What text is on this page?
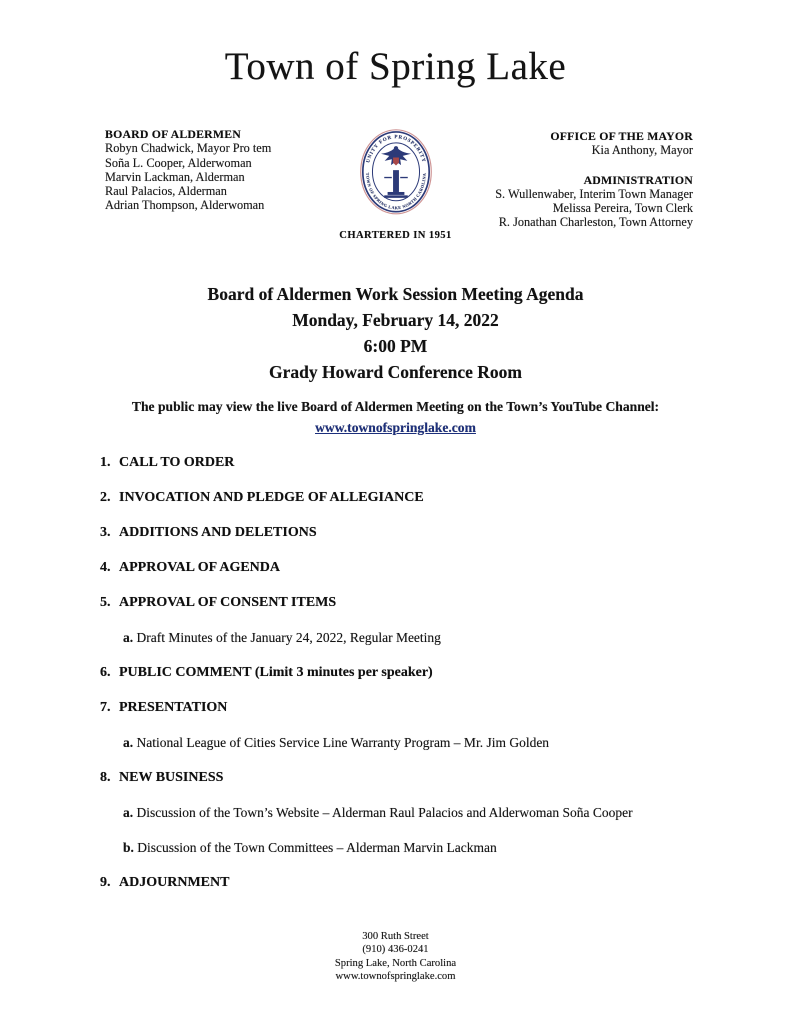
Town of Spring Lake
BOARD OF ALDERMEN
Robyn Chadwick, Mayor Pro tem
Soña L. Cooper, Alderwoman
Marvin Lackman, Alderman
Raul Palacios, Alderman
Adrian Thompson, Alderwoman
UNITY FOR PROSPERITY
TOWN OF SPRING LAKE NORTH CAROLINA
CHARTERED IN 1951
OFFICE OF THE MAYOR
Kia Anthony, Mayor
ADMINISTRATION
S. Wullenwaber, Interim Town Manager
Melissa Pereira, Town Clerk
R. Jonathan Charleston, Town Attorney
Board of Aldermen Work Session Meeting Agenda
Monday, February 14, 2022
6:00 PM
Grady Howard Conference Room
The public may view the live Board of Aldermen Meeting on the Town’s YouTube Channel:
www.townofspringlake.com
1. CALL TO ORDER
2. INVOCATION AND PLEDGE OF ALLEGIANCE
3. ADDITIONS AND DELETIONS
4. APPROVAL OF AGENDA
5. APPROVAL OF CONSENT ITEMS
a. Draft Minutes of the January 24, 2022, Regular Meeting
6. PUBLIC COMMENT (Limit 3 minutes per speaker)
7. PRESENTATION
a. National League of Cities Service Line Warranty Program – Mr. Jim Golden
8. NEW BUSINESS
a. Discussion of the Town’s Website – Alderman Raul Palacios and Alderwoman Soña Cooper
b. Discussion of the Town Committees – Alderman Marvin Lackman
9. ADJOURNMENT
300 Ruth Street
(910) 436-0241
Spring Lake, North Carolina
www.townofspringlake.com
